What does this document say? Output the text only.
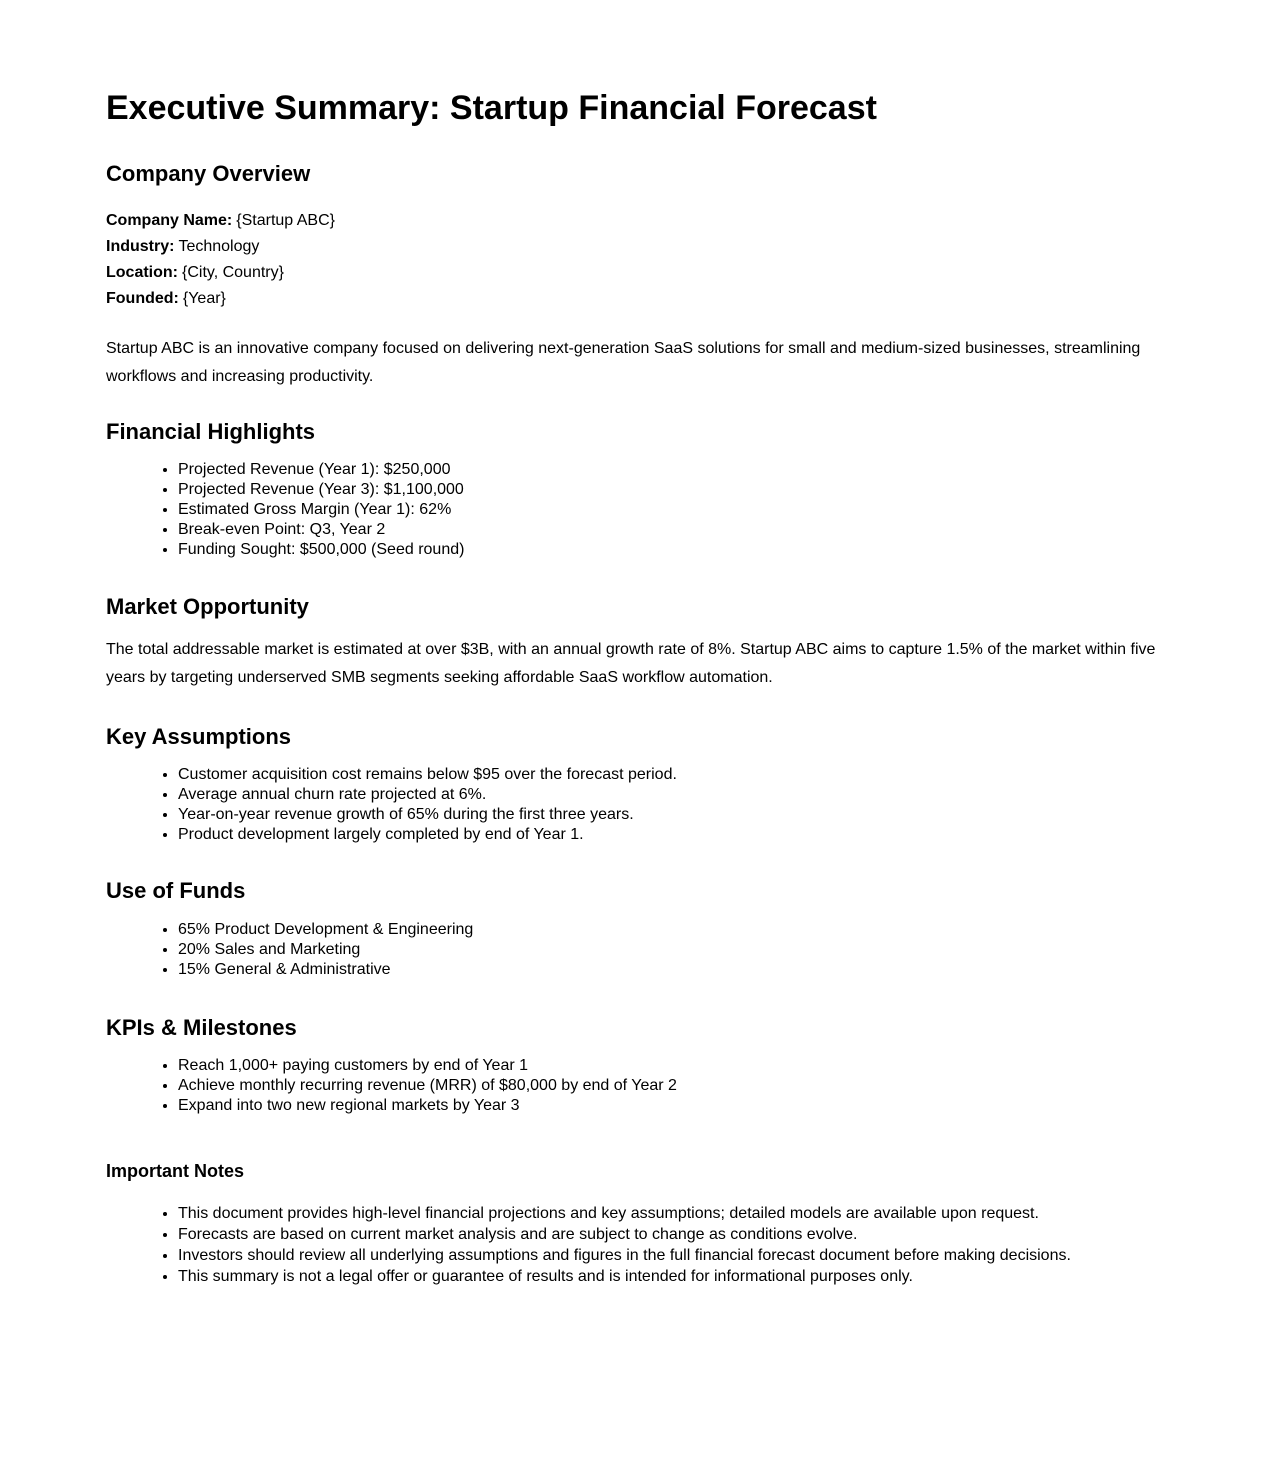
Executive Summary: Startup Financial Forecast
Company Overview
Company Name: {Startup ABC}
Industry: Technology
Location: {City, Country}
Founded: {Year}

Startup ABC is an innovative company focused on delivering next-generation SaaS solutions for small and medium-sized businesses, streamlining workflows and increasing productivity.

Financial Highlights
• Projected Revenue (Year 1): $250,000
• Projected Revenue (Year 3): $1,100,000
• Estimated Gross Margin (Year 1): 62%
• Break-even Point: Q3, Year 2
• Funding Sought: $500,000 (Seed round)
Market Opportunity

The total addressable market is estimated at over $3B, with an annual growth rate of 8%. Startup ABC aims to capture 1.5% of the market within five years by targeting underserved SMB segments seeking affordable SaaS workflow automation.

Key Assumptions
• Customer acquisition cost remains below $95 over the forecast period.
• Average annual churn rate projected at 6%.
• Year-on-year revenue growth of 65% during the first three years.
• Product development largely completed by end of Year 1.
Use of Funds
• 65% Product Development & Engineering
• 20% Sales and Marketing
• 15% General & Administrative
KPIs & Milestones
• Reach 1,000+ paying customers by end of Year 1
• Achieve monthly recurring revenue (MRR) of $80,000 by end of Year 2
• Expand into two new regional markets by Year 3
Important Notes
• This document provides high-level financial projections and key assumptions; detailed models are available upon request.
• Forecasts are based on current market analysis and are subject to change as conditions evolve.
• Investors should review all underlying assumptions and figures in the full financial forecast document before making decisions.
• This summary is not a legal offer or guarantee of results and is intended for informational purposes only.
